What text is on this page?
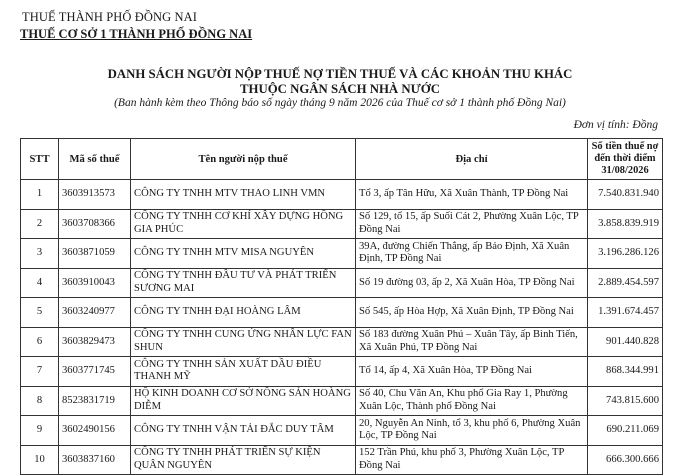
THUẾ THÀNH PHỐ ĐỒNG NAI
THUẾ CƠ SỞ 1 THÀNH PHỐ ĐỒNG NAI
DANH SÁCH NGƯỜI NỘP THUẾ NỢ TIỀN THUẾ VÀ CÁC KHOẢN THU KHÁC
THUỘC NGÂN SÁCH NHÀ NƯỚC
(Ban hành kèm theo Thông báo số ngày tháng 9 năm 2026 của Thuế cơ sở 1 thành phố Đồng Nai)
Đơn vị tính: Đồng
STT	Mã số thuế	Tên người nộp thuế	Địa chỉ	Số tiền thuế nợ đến thời điểm 31/08/2026
1	3603913573	CÔNG TY TNHH MTV THAO LINH VMN	Tổ 3, ấp Tân Hữu, Xã Xuân Thành, TP Đồng Nai	7.540.831.940
2	3603708366	CÔNG TY TNHH CƠ KHÍ XÂY DỰNG HỒNG GIA PHÚC	Số 129, tổ 15, ấp Suối Cát 2, Phường Xuân Lộc, TP Đồng Nai	3.858.839.919
3	3603871059	CÔNG TY TNHH MTV MISA NGUYÊN	39A, đường Chiến Thắng, ấp Bảo Định, Xã Xuân Định, TP Đồng Nai	3.196.286.126
4	3603910043	CÔNG TY TNHH ĐẦU TƯ VÀ PHÁT TRIỂN SƯƠNG MAI	Số 19 đường 03, ấp 2, Xã Xuân Hòa, TP Đồng Nai	2.889.454.597
5	3603240977	CÔNG TY TNHH ĐẠI HOÀNG LÂM	Số 545, ấp Hòa Hợp, Xã Xuân Định, TP Đồng Nai	1.391.674.457
6	3603829473	CÔNG TY TNHH CUNG ỨNG NHÂN LỰC FAN SHUN	Số 183 đường Xuân Phú – Xuân Tây, ấp Bình Tiến, Xã Xuân Phú, TP Đồng Nai	901.440.828
7	3603771745	CÔNG TY TNHH SẢN XUẤT DẦU ĐIỀU THANH MỸ	Tổ 14, ấp 4, Xã Xuân Hòa, TP Đồng Nai	868.344.991
8	8523831719	HỘ KINH DOANH CƠ SỞ NÔNG SẢN HOÀNG DIỄM	Số 40, Chu Văn An, Khu phố Gia Ray 1, Phường Xuân Lộc, Thành phố Đồng Nai	743.815.600
9	3602490156	CÔNG TY TNHH VẬN TẢI ĐẮC DUY TÂM	20, Nguyễn An Ninh, tổ 3, khu phố 6, Phường Xuân Lộc, TP Đồng Nai	690.211.069
10	3603837160	CÔNG TY TNHH PHÁT TRIỂN SỰ KIỆN QUÂN NGUYÊN	152 Trần Phú, khu phố 3, Phường Xuân Lộc, TP Đồng Nai	666.300.666
